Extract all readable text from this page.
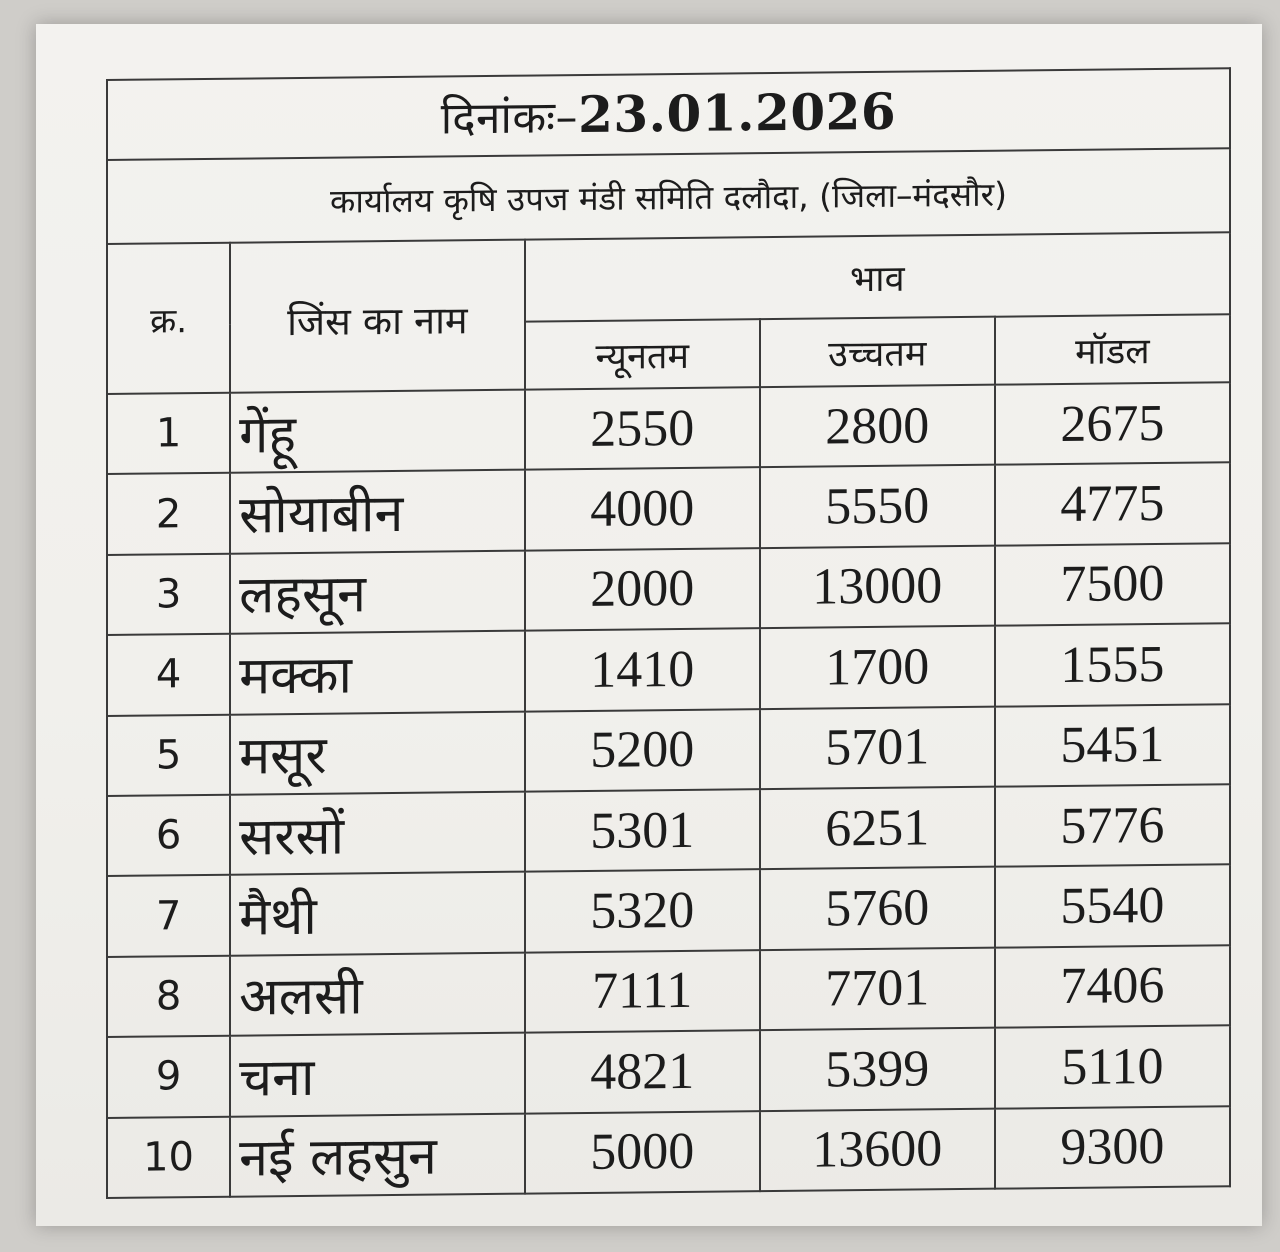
दिनांकः–23.01.2026				
कार्यालय कृषि उपज मंडी समिति दलौदा, (जिला–मंदसौर)				
क्र.	जिंस का नाम	भाव		
		न्यूनतम	उच्चतम	मॉडल
1	गेंहू	2550	2800	2675
2	सोयाबीन	4000	5550	4775
3	लहसून	2000	13000	7500
4	मक्का	1410	1700	1555
5	मसूर	5200	5701	5451
6	सरसों	5301	6251	5776
7	मैथी	5320	5760	5540
8	अलसी	7111	7701	7406
9	चना	4821	5399	5110
10	नई लहसुन	5000	13600	9300
